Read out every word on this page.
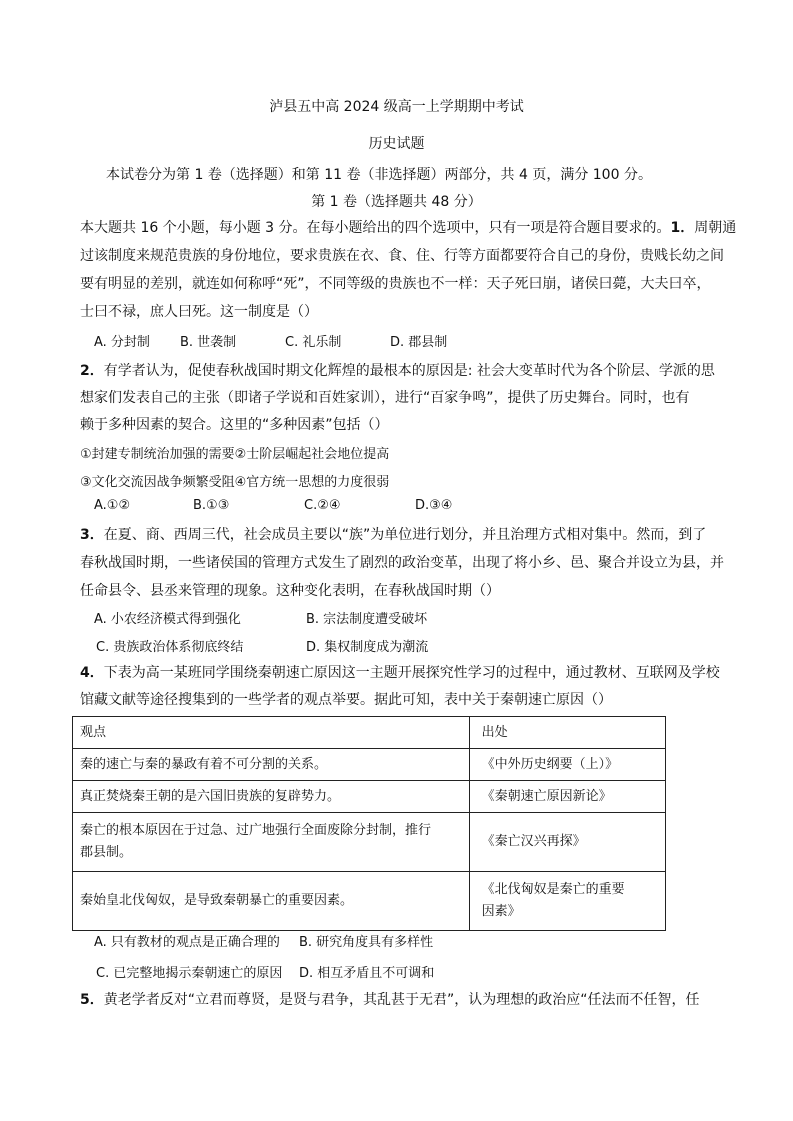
泸县五中高 2024 级高一上学期期中考试
历史试题
本试卷分为第 1 卷（选择题）和第 11 卷（非选择题）两部分，共 4 页，满分 100 分。
第 1 卷（选择题共 48 分）
本大题共 16 个小题，每小题 3 分。在每小题给出的四个选项中，只有一项是符合题目要求的。1．周朝通
过该制度来规范贵族的身份地位，要求贵族在衣、食、住、行等方面都要符合自己的身份，贵贱长幼之间
要有明显的差别，就连如何称呼“死”，不同等级的贵族也不一样：天子死曰崩，诸侯曰薨，大夫曰卒，
士曰不禄，庶人曰死。这一制度是（）
A. 分封制 B. 世袭制	C. 礼乐制	D. 郡县制
2．有学者认为，促使春秋战国时期文化辉煌的最根本的原因是: 社会大变革时代为各个阶层、学派的思
想家们发表自己的主张（即诸子学说和百姓家训），进行“百家争鸣”，提供了历史舞台。同时，也有
赖于多种因素的契合。这里的“多种因素”包括（）
①封建专制统治加强的需要②士阶层崛起社会地位提高
③文化交流因战争频繁受阻④官方统一思想的力度很弱
A.①②	B.①③	C.②④	D.③④
3．在夏、商、西周三代，社会成员主要以“族”为单位进行划分，并且治理方式相对集中。然而，到了
春秋战国时期，一些诸侯国的管理方式发生了剧烈的政治变革，出现了将小乡、邑、聚合并设立为县，并
任命县令、县丞来管理的现象。这种变化表明，在春秋战国时期（）
A. 小农经济模式得到强化	B. 宗法制度遭受破坏
C. 贵族政治体系彻底终结	D. 集权制度成为潮流
4．下表为高一某班同学围绕秦朝速亡原因这一主题开展探究性学习的过程中，通过教材、互联网及学校
馆藏文献等途径搜集到的一些学者的观点举要。据此可知，表中关于秦朝速亡原因（）
观点	出处
秦的速亡与秦的暴政有着不可分割的关系。	《中外历史纲要（上）》
真正焚烧秦王朝的是六国旧贵族的复辟势力。	《秦朝速亡原因新论》

秦亡的根本原因在于过急、过广地强行全面废除分封制，推行
郡县制。	《秦亡汉兴再探》
秦始皇北伐匈奴，是导致秦朝暴亡的重要因素。	《北伐匈奴是秦亡的重要
因素》
A. 只有教材的观点是正确合理的 B. 研究角度具有多样性
C. 已完整地揭示秦朝速亡的原因 D. 相互矛盾且不可调和
5．黄老学者反对“立君而尊贤，是贤与君争，其乱甚于无君”，认为理想的政治应“任法而不任智，任
